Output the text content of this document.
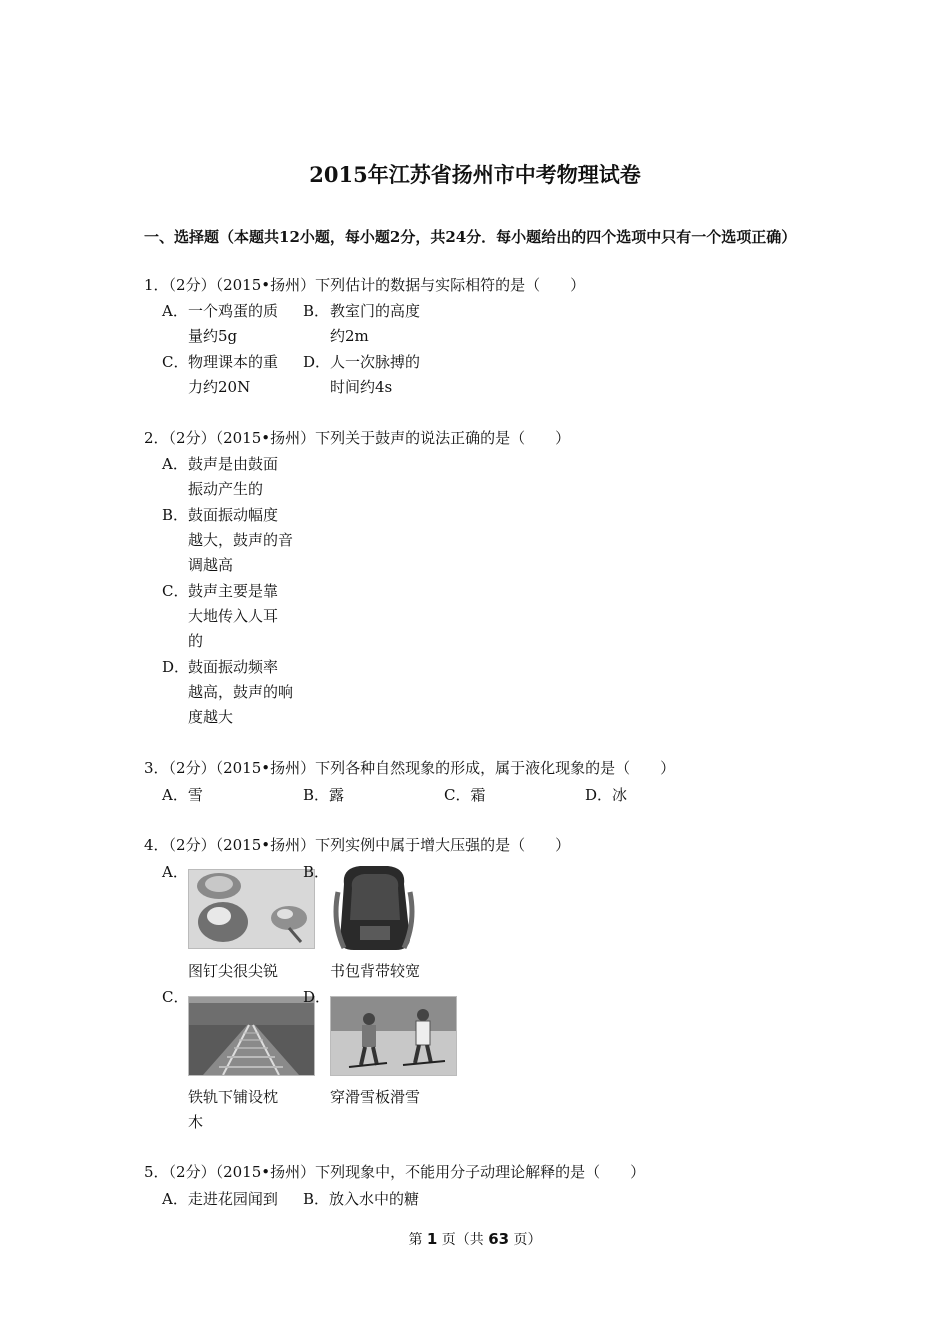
2015年江苏省扬州市中考物理试卷
一、选择题（本题共12小题，每小题2分，共24分．每小题给出的四个选项中只有一个选项正确）
1．（2分）（2015•扬州）下列估计的数据与实际相符的是（　　）
A． 一个鸡蛋的质
量约5g
B． 教室门的高度
约2m
C． 物理课本的重
力约20N
D． 人一次脉搏的
时间约4s
2．（2分）（2015•扬州）下列关于鼓声的说法正确的是（　　）
A． 鼓声是由鼓面
振动产生的
B． 鼓面振动幅度
越大，鼓声的音
调越高
C． 鼓声主要是靠
大地传入人耳
的
D．
鼓面振动频率
越高，鼓声的响
度越大
3．（2分）（2015•扬州）下列各种自然现象的形成，属于液化现象的是（　　）
A．雪	B．露	C．霜	D．冰
4．（2分）（2015•扬州）下列实例中属于增大压强的是（　　）
A．
图钉尖很尖锐
B．
书包背带较宽
C．
铁轨下铺设枕
木
D．
穿滑雪板滑雪
5．（2分）（2015•扬州）下列现象中，不能用分子动理论解释的是（　　）
A．走进花园闻到 B．放入水中的糖
第 1 页（共 63 页）
